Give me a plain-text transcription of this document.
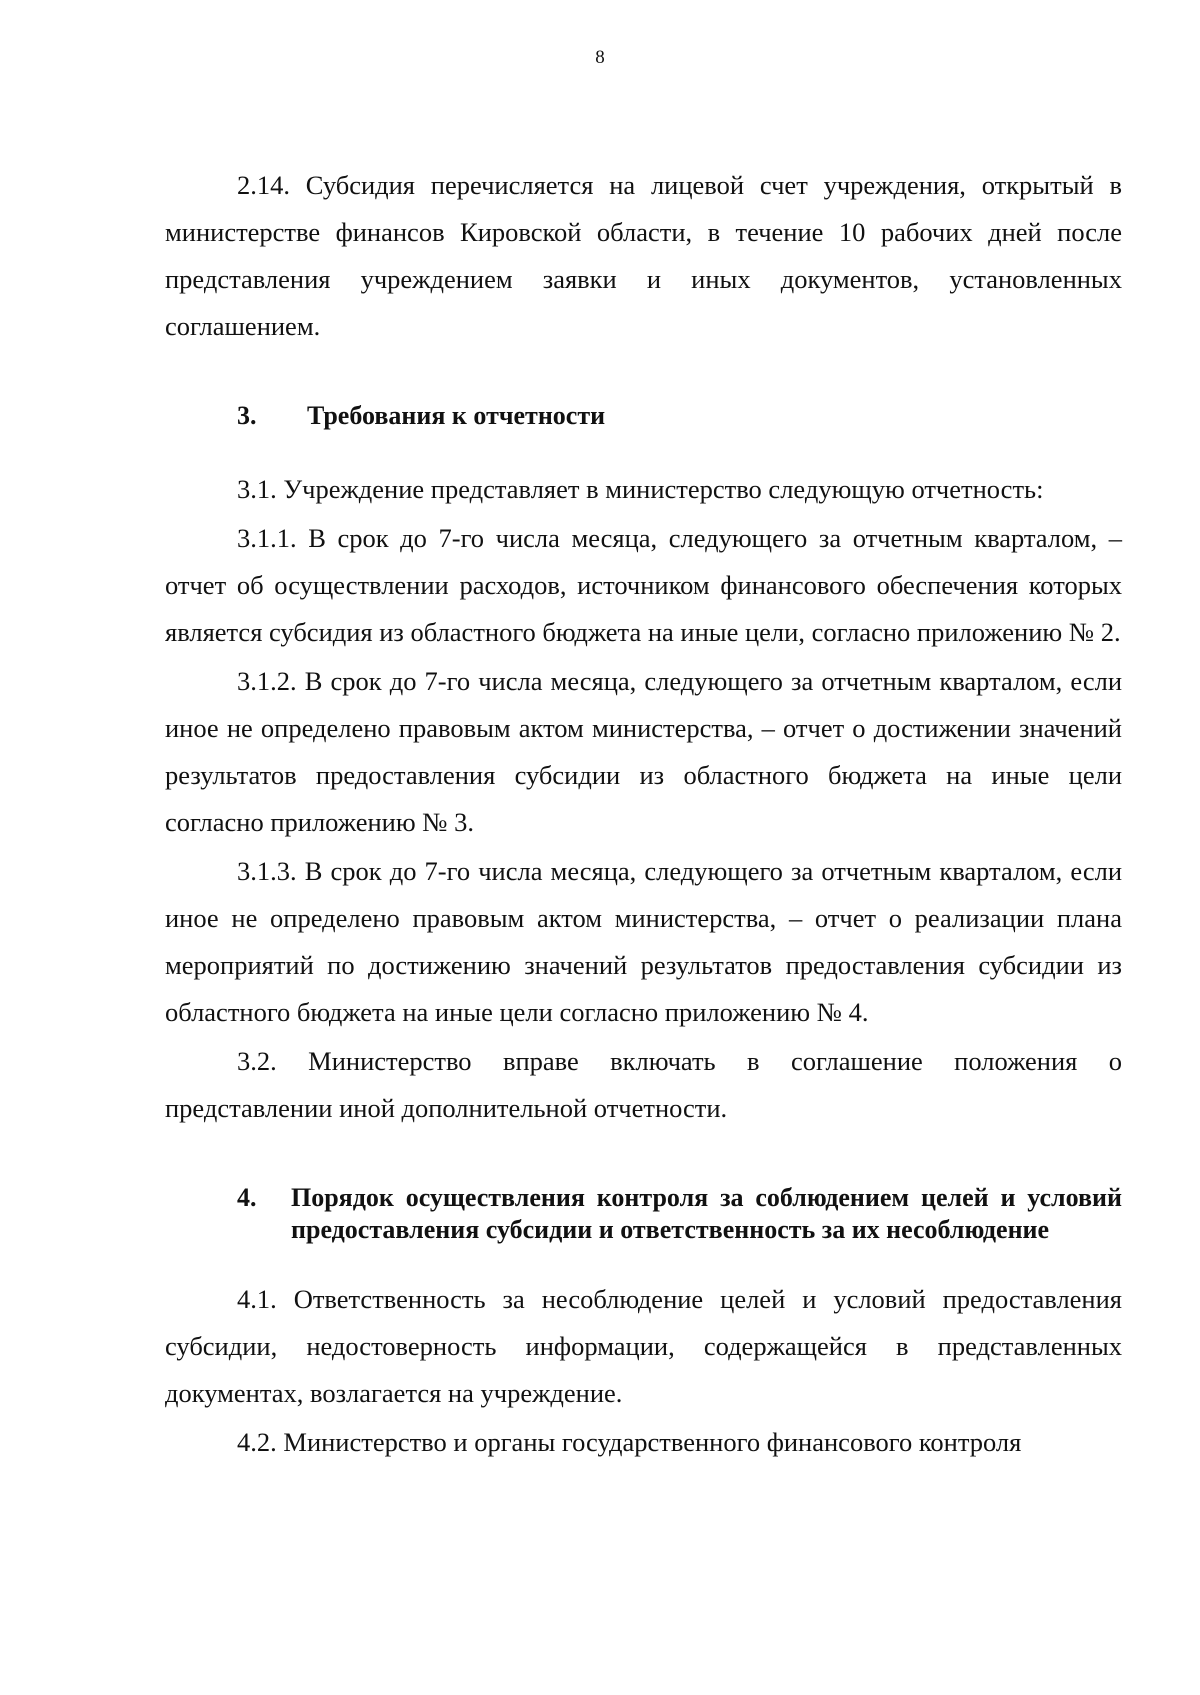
8

2.14. Субсидия перечисляется на лицевой счет учреждения, открытый в министерстве финансов Кировской области, в течение 10 рабочих дней после представления учреждением заявки и иных документов, установленных соглашением.

3.	Требования к отчетности

3.1. Учреждение представляет в министерство следующую отчетность:

3.1.1. В срок до 7-го числа месяца, следующего за отчетным кварталом, – отчет об осуществлении расходов, источником финансового обеспечения которых является субсидия из областного бюджета на иные цели, согласно приложению № 2.

3.1.2. В срок до 7-го числа месяца, следующего за отчетным кварталом, если иное не определено правовым актом министерства, – отчет о достижении значений результатов предоставления субсидии из областного бюджета на иные цели согласно приложению № 3.

3.1.3. В срок до 7-го числа месяца, следующего за отчетным кварталом, если иное не определено правовым актом министерства, – отчет о реализации плана мероприятий по достижению значений результатов предоставления субсидии из областного бюджета на иные цели согласно приложению № 4.

3.2. Министерство вправе включать в соглашение положения о представлении иной дополнительной отчетности.

4.	Порядок осуществления контроля за соблюдением целей и условий предоставления субсидии и ответственность за их несоблюдение

4.1. Ответственность за несоблюдение целей и условий предоставления субсидии, недостоверность информации, содержащейся в представленных документах, возлагается на учреждение.

4.2. Министерство и органы государственного финансового контроля
